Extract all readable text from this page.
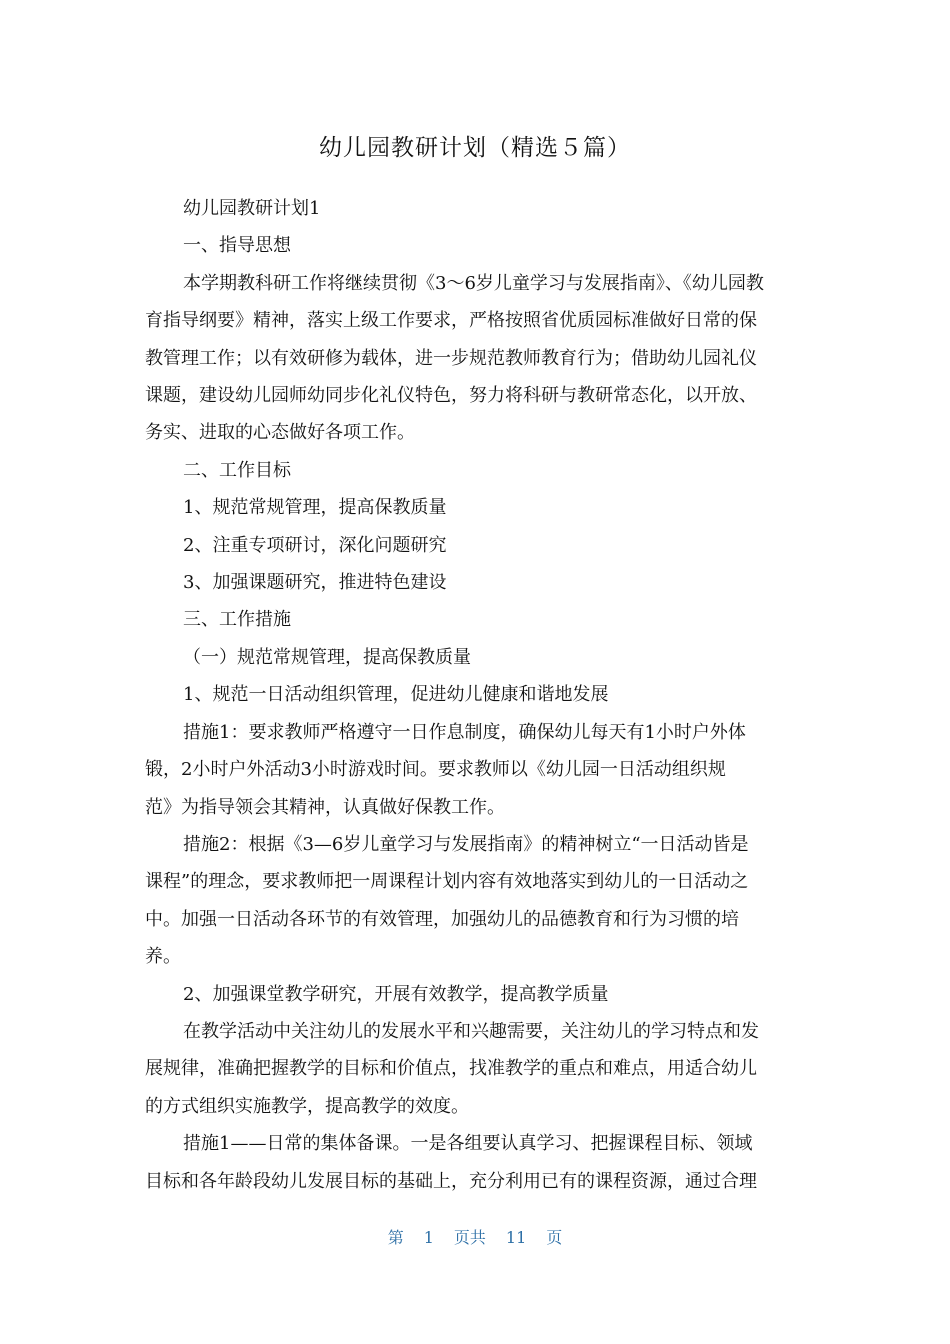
幼儿园教研计划（精选５篇）

幼儿园教研计划1

一、指导思想

本学期教科研工作将继续贯彻《3～6岁儿童学习与发展指南》、《幼儿园教
育指导纲要》精神，落实上级工作要求，严格按照省优质园标准做好日常的保
教管理工作；以有效研修为载体，进一步规范教师教育行为；借助幼儿园礼仪
课题，建设幼儿园师幼同步化礼仪特色，努力将科研与教研常态化，以开放、
务实、进取的心态做好各项工作。

二、工作目标

1、规范常规管理，提高保教质量

2、注重专项研讨，深化问题研究

3、加强课题研究，推进特色建设

三、工作措施

（一）规范常规管理，提高保教质量

1、规范一日活动组织管理，促进幼儿健康和谐地发展

措施1：要求教师严格遵守一日作息制度，确保幼儿每天有1小时户外体
锻，2小时户外活动3小时游戏时间。要求教师以《幼儿园一日活动组织规
范》为指导领会其精神，认真做好保教工作。

措施2：根据《3—6岁儿童学习与发展指南》的精神树立“一日活动皆是
课程”的理念，要求教师把一周课程计划内容有效地落实到幼儿的一日活动之
中。加强一日活动各环节的有效管理，加强幼儿的品德教育和行为习惯的培
养。

2、加强课堂教学研究，开展有效教学，提高教学质量

在教学活动中关注幼儿的发展水平和兴趣需要，关注幼儿的学习特点和发
展规律，准确把握教学的目标和价值点，找准教学的重点和难点，用适合幼儿
的方式组织实施教学，提高教学的效度。

措施1——日常的集体备课。一是各组要认真学习、把握课程目标、领域
目标和各年龄段幼儿发展目标的基础上，充分利用已有的课程资源，通过合理

第 1 页共 11 页
